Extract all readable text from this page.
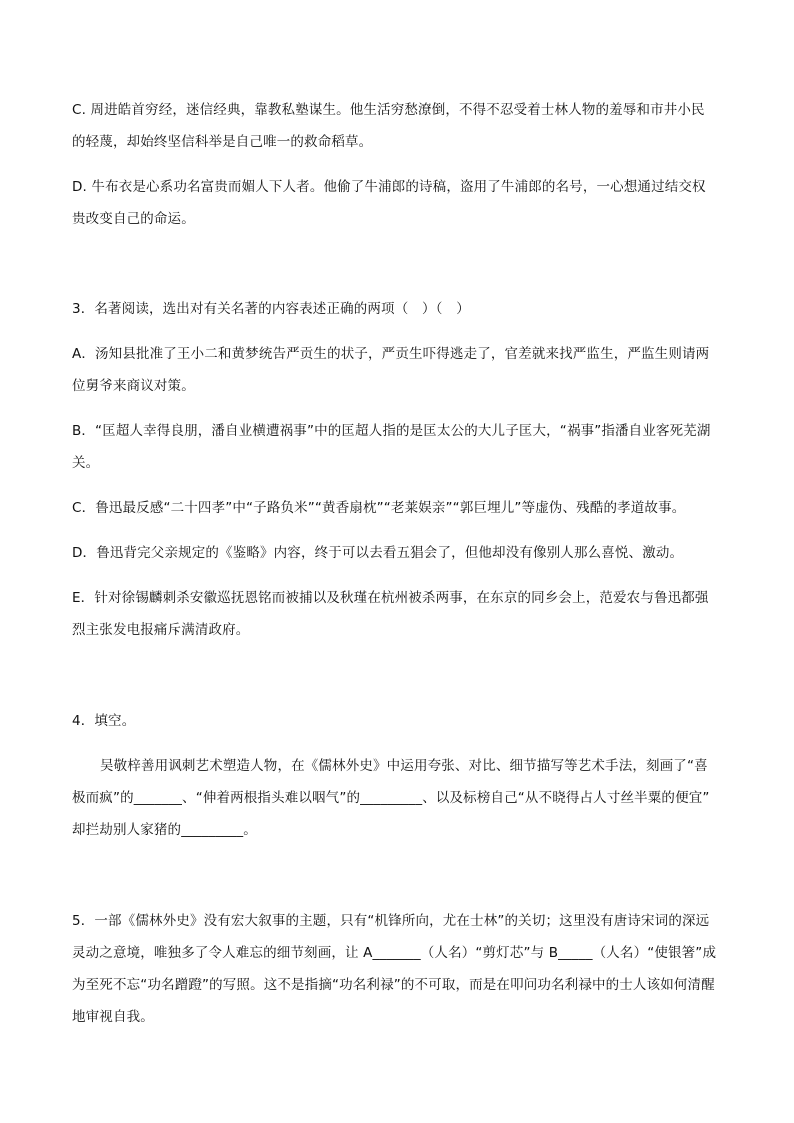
C. 周进皓首穷经，迷信经典，靠教私塾谋生。他生活穷愁潦倒，不得不忍受着士林人物的羞辱和市井小民
的轻蔑，却始终坚信科举是自己唯一的救命稻草。
D. 牛布衣是心系功名富贵而媚人下人者。他偷了牛浦郎的诗稿，盗用了牛浦郎的名号，一心想通过结交权
贵改变自己的命运。
3．名著阅读，选出对有关名著的内容表述正确的两项（　）（　）
A．汤知县批准了王小二和黄梦统告严贡生的状子，严贡生吓得逃走了，官差就来找严监生，严监生则请两
位舅爷来商议对策。
B．“匡超人幸得良朋，潘自业横遭祸事”中的匡超人指的是匡太公的大儿子匡大，“祸事”指潘自业客死芜湖
关。
C．鲁迅最反感“二十四孝”中“子路负米”“黄香扇枕”“老莱娱亲”“郭巨埋儿”等虚伪、残酷的孝道故事。
D．鲁迅背完父亲规定的《鉴略》内容，终于可以去看五猖会了，但他却没有像别人那么喜悦、激动。
E．针对徐锡麟刺杀安徽巡抚恩铭而被捕以及秋瑾在杭州被杀两事，在东京的同乡会上，范爱农与鲁迅都强
烈主张发电报痛斥满清政府。
4．填空。
吴敬梓善用讽刺艺术塑造人物，在《儒林外史》中运用夸张、对比、细节描写等艺术手法，刻画了“喜
极而疯”的_______、“伸着两根指头难以咽气”的_________、以及标榜自己“从不晓得占人寸丝半粟的便宜”
却拦劫别人家猪的_________。
5．一部《儒林外史》没有宏大叙事的主题，只有“机锋所向，尤在士林”的关切；这里没有唐诗宋词的深远
灵动之意境，唯独多了令人难忘的细节刻画，让 A_______（人名）“剪灯芯”与 B_____（人名）“使银箸”成
为至死不忘“功名蹭蹬”的写照。这不是指摘“功名利禄”的不可取，而是在叩问功名利禄中的士人该如何清醒
地审视自我。
